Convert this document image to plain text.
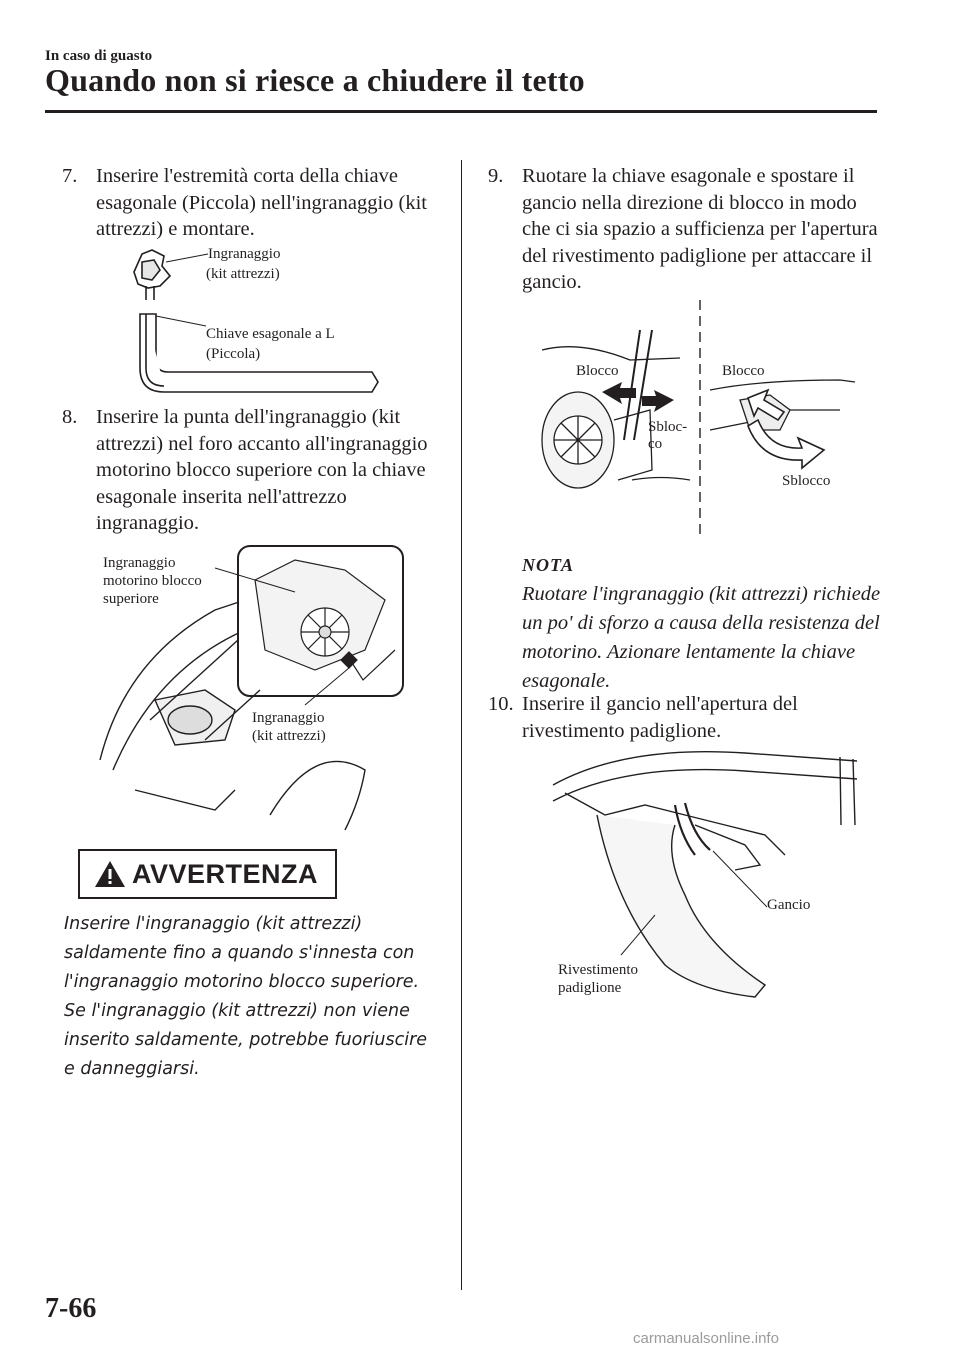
In caso di guasto
Quando non si riesce a chiudere il tetto
7. Inserire l'estremità corta della chiave esagonale (Piccola) nell'ingranaggio (kit attrezzi) e montare.
Ingranaggio
(kit attrezzi)
Chiave esagonale a L
(Piccola)
8. Inserire la punta dell'ingranaggio (kit attrezzi) nel foro accanto all'ingranaggio motorino blocco superiore con la chiave esagonale inserita nell'attrezzo ingranaggio.
Ingranaggio
motorino blocco
superiore
Ingranaggio
(kit attrezzi)
AVVERTENZA
Inserire l'ingranaggio (kit attrezzi) saldamente fino a quando s'innesta con l'ingranaggio motorino blocco superiore. Se l'ingranaggio (kit attrezzi) non viene inserito saldamente, potrebbe fuoriuscire e danneggiarsi.
9. Ruotare la chiave esagonale e spostare il gancio nella direzione di blocco in modo che ci sia spazio a sufficienza per l'apertura del rivestimento padiglione per attaccare il gancio.
Blocco
Sbloc-
co
Blocco
Sblocco
NOTA
Ruotare l'ingranaggio (kit attrezzi) richiede un po' di sforzo a causa della resistenza del motorino. Azionare lentamente la chiave esagonale.
10. Inserire il gancio nell'apertura del rivestimento padiglione.
Gancio
Rivestimento
padiglione
7-66
carmanualsonline.info
